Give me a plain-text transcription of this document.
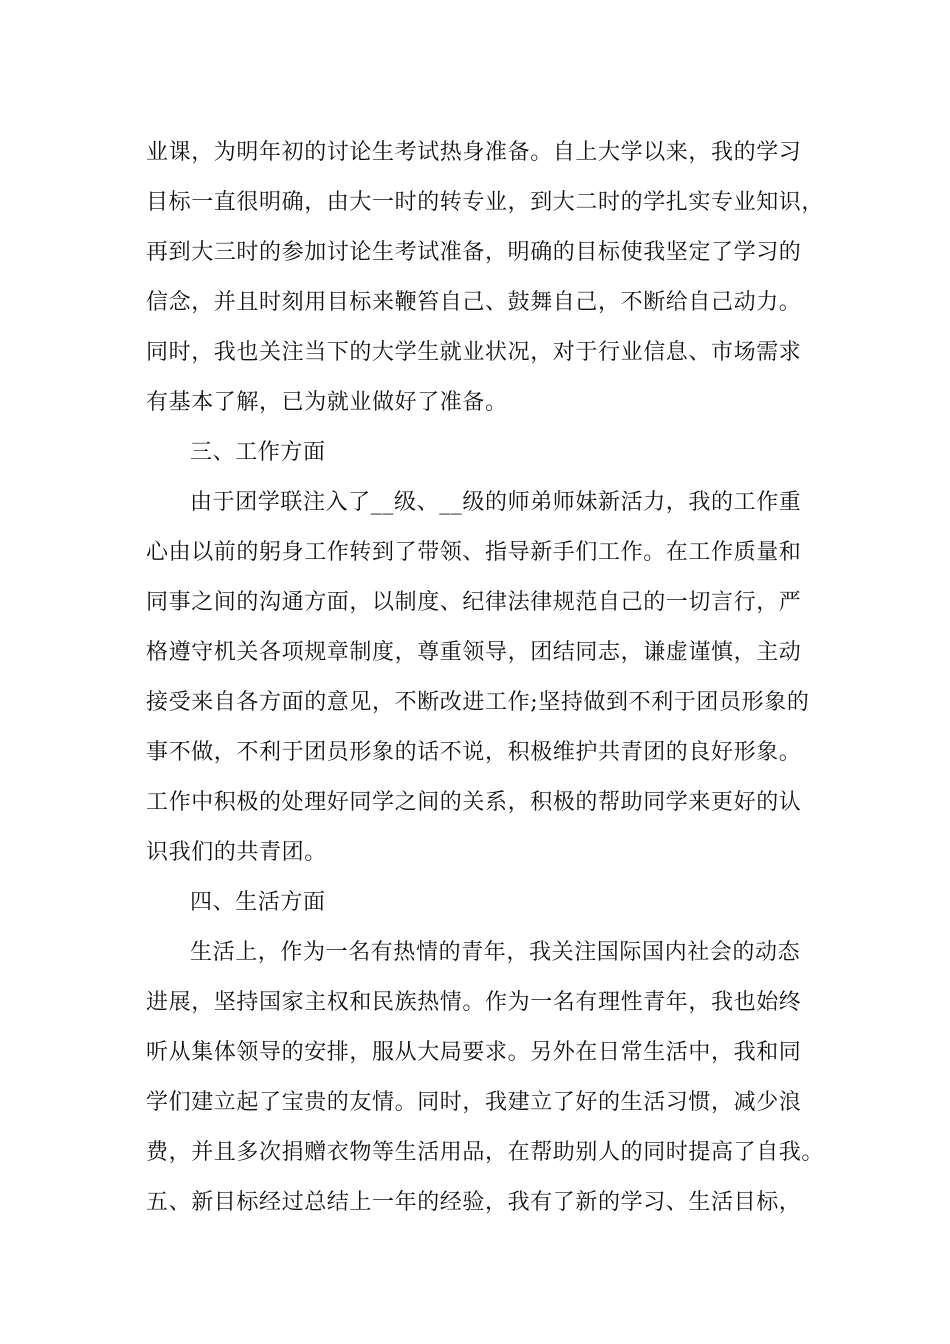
业课，为明年初的讨论生考试热身准备。自上大学以来，我的学习
目标一直很明确，由大一时的转专业，到大二时的学扎实专业知识，
再到大三时的参加讨论生考试准备，明确的目标使我坚定了学习的
信念，并且时刻用目标来鞭笞自己、鼓舞自己，不断给自己动力。
同时，我也关注当下的大学生就业状况，对于行业信息、市场需求
有基本了解，已为就业做好了准备。
三、工作方面
由于团学联注入了__级、__级的师弟师妹新活力，我的工作重
心由以前的躬身工作转到了带领、指导新手们工作。在工作质量和
同事之间的沟通方面，以制度、纪律法律规范自己的一切言行，严
格遵守机关各项规章制度，尊重领导，团结同志，谦虚谨慎，主动
接受来自各方面的意见，不断改进工作;坚持做到不利于团员形象的
事不做，不利于团员形象的话不说，积极维护共青团的良好形象。
工作中积极的处理好同学之间的关系，积极的帮助同学来更好的认
识我们的共青团。
四、生活方面
生活上，作为一名有热情的青年，我关注国际国内社会的动态
进展，坚持国家主权和民族热情。作为一名有理性青年，我也始终
听从集体领导的安排，服从大局要求。另外在日常生活中，我和同
学们建立起了宝贵的友情。同时，我建立了好的生活习惯，减少浪
费，并且多次捐赠衣物等生活用品，在帮助别人的同时提高了自我。
五、新目标经过总结上一年的经验，我有了新的学习、生活目标，
